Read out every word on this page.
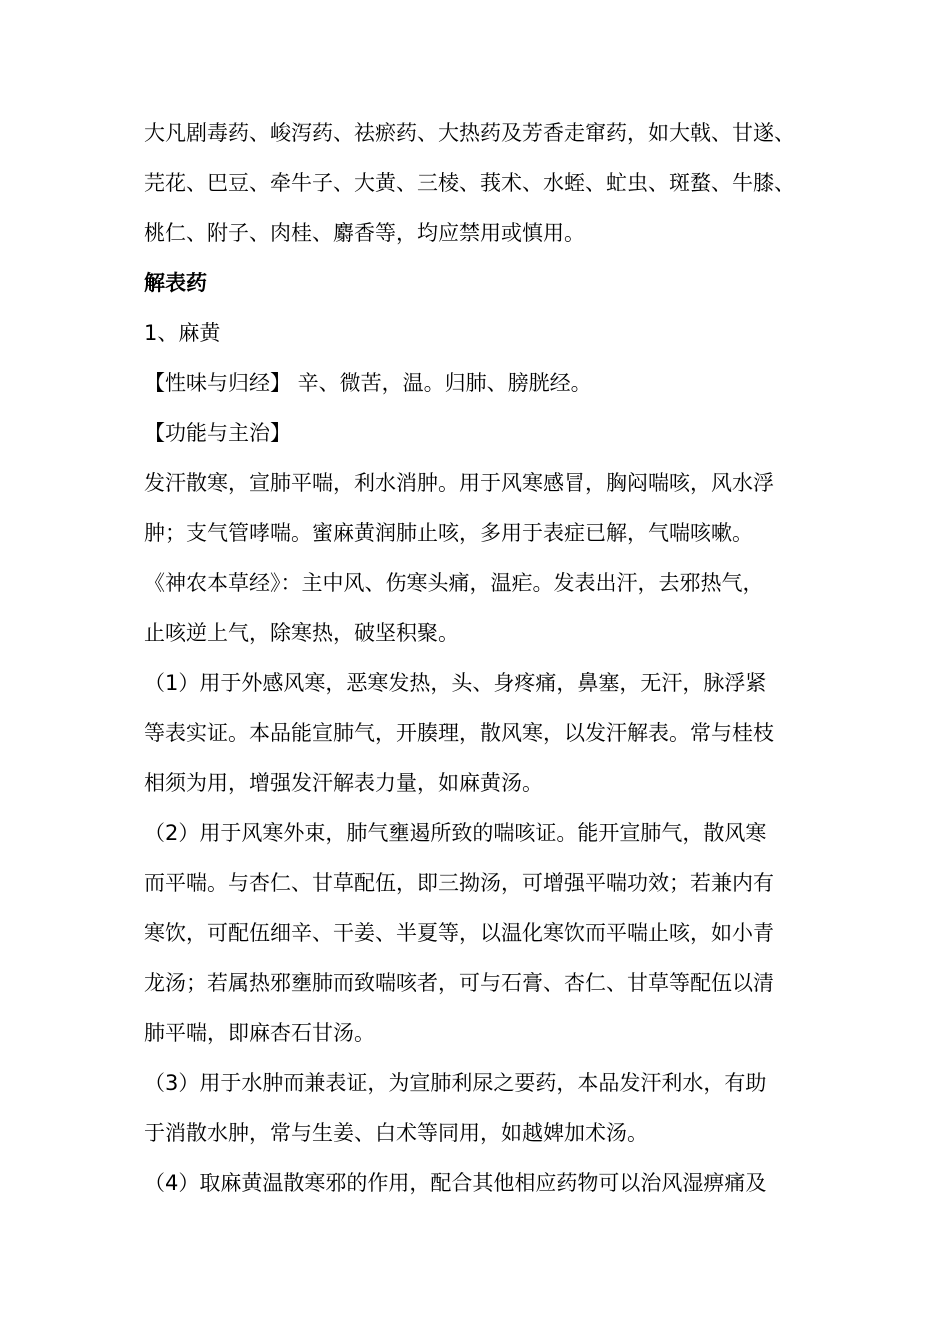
大凡剧毒药、峻泻药、祛瘀药、大热药及芳香走窜药，如大戟、甘遂、
芫花、巴豆、牵牛子、大黄、三棱、莪术、水蛭、虻虫、斑蝥、牛膝、
桃仁、附子、肉桂、麝香等，均应禁用或慎用。
解表药
1、麻黄
【性味与归经】 辛、微苦，温。归肺、膀胱经。
【功能与主治】
发汗散寒，宣肺平喘，利水消肿。用于风寒感冒，胸闷喘咳，风水浮
肿；支气管哮喘。蜜麻黄润肺止咳，多用于表症已解，气喘咳嗽。
《神农本草经》：主中风、伤寒头痛，温疟。发表出汗，去邪热气，
止咳逆上气，除寒热，破坚积聚。
（1）用于外感风寒，恶寒发热，头、身疼痛，鼻塞，无汗，脉浮紧
等表实证。本品能宣肺气，开腠理，散风寒，以发汗解表。常与桂枝
相须为用，增强发汗解表力量，如麻黄汤。
（2）用于风寒外束，肺气壅遏所致的喘咳证。能开宣肺气，散风寒
而平喘。与杏仁、甘草配伍，即三拗汤，可增强平喘功效；若兼内有
寒饮，可配伍细辛、干姜、半夏等，以温化寒饮而平喘止咳，如小青
龙汤；若属热邪壅肺而致喘咳者，可与石膏、杏仁、甘草等配伍以清
肺平喘，即麻杏石甘汤。
（3）用于水肿而兼表证，为宣肺利尿之要药，本品发汗利水，有助
于消散水肿，常与生姜、白术等同用，如越婢加术汤。
（4）取麻黄温散寒邪的作用，配合其他相应药物可以治风湿痹痛及
